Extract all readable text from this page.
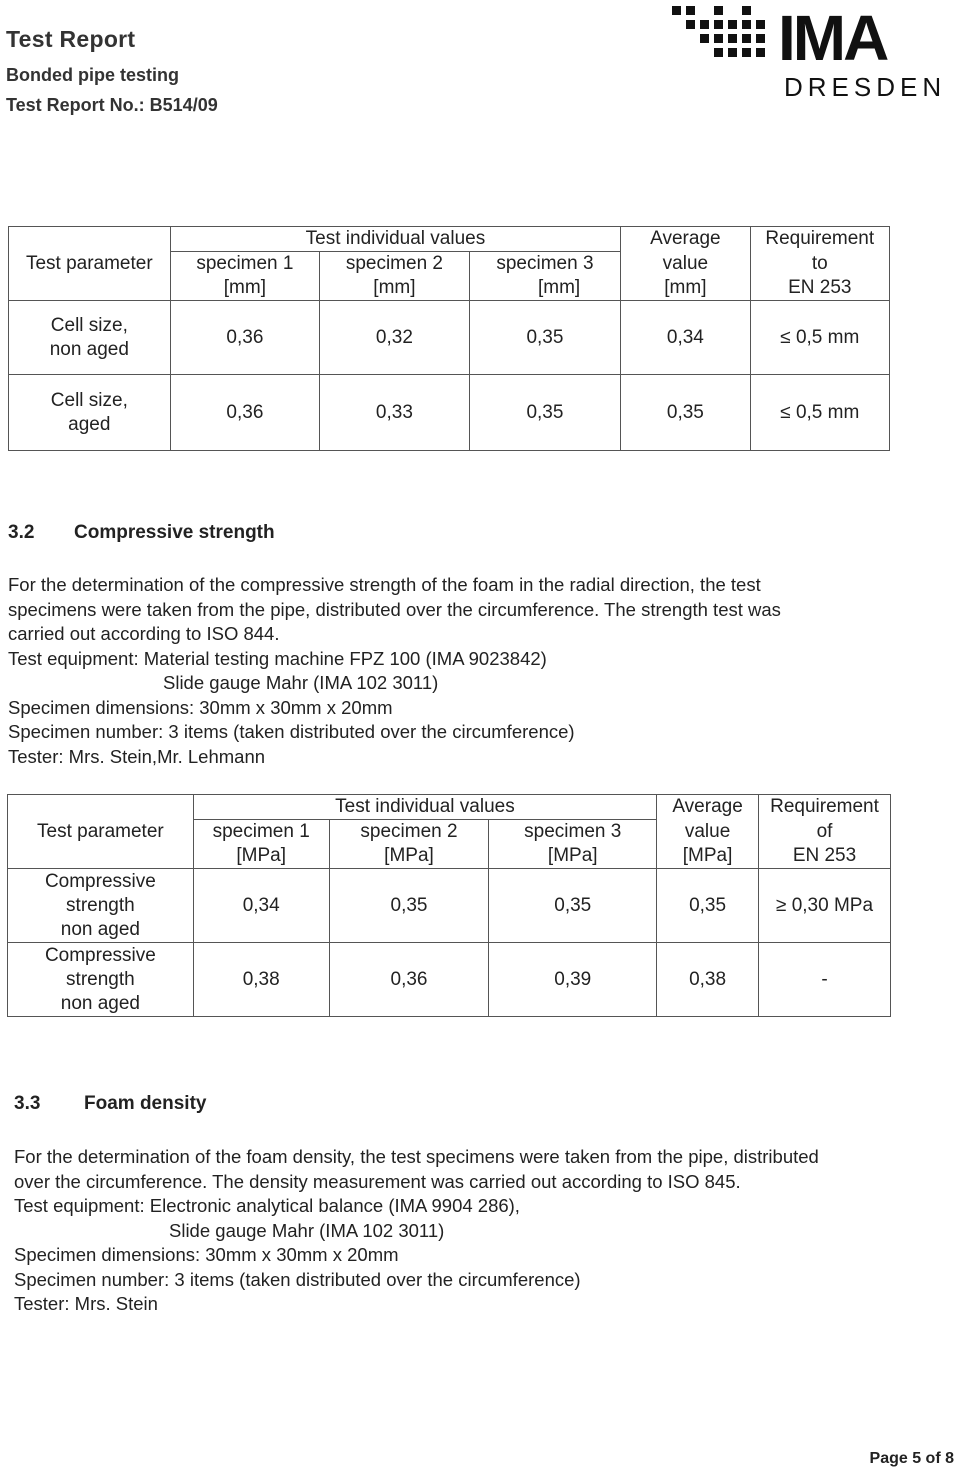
Test Report
Bonded pipe testing
Test Report No.: B514/09
IMA
DRESDEN
Test parameter	Test individual values			Average	Requirement
	specimen 1	specimen 2	specimen 3	value	to
	[mm]	[mm]	[mm]	[mm]	EN 253

Cell size,
non aged	0,36	0,32	0,35	0,34	≤ 0,5 mm

Cell size,
aged	0,36	0,33	0,35	0,35	≤ 0,5 mm
3.2 Compressive strength
For the determination of the compressive strength of the foam in the radial direction, the test
specimens were taken from the pipe, distributed over the circumference. The strength test was
carried out according to ISO 844.
Test equipment: Material testing machine FPZ 100 (IMA 9023842)
Slide gauge Mahr (IMA 102 3011)
Specimen dimensions: 30mm x 30mm x 20mm
Specimen number: 3 items (taken distributed over the circumference)
Tester: Mrs. Stein,Mr. Lehmann
Test parameter	Test individual values			Average	Requirement
	specimen 1	specimen 2	specimen 3	value	of
	[MPa]	[MPa]	[MPa]	[MPa]	EN 253

Compressive
strength
non aged	0,34	0,35	0,35	0,35	≥ 0,30 MPa

Compressive
strength
non aged	0,38	0,36	0,39	0,38	-
3.3 Foam density
For the determination of the foam density, the test specimens were taken from the pipe, distributed
over the circumference. The density measurement was carried out according to ISO 845.
Test equipment: Electronic analytical balance (IMA 9904 286),
Slide gauge Mahr (IMA 102 3011)
Specimen dimensions: 30mm x 30mm x 20mm
Specimen number: 3 items (taken distributed over the circumference)
Tester: Mrs. Stein
Page 5 of 8
